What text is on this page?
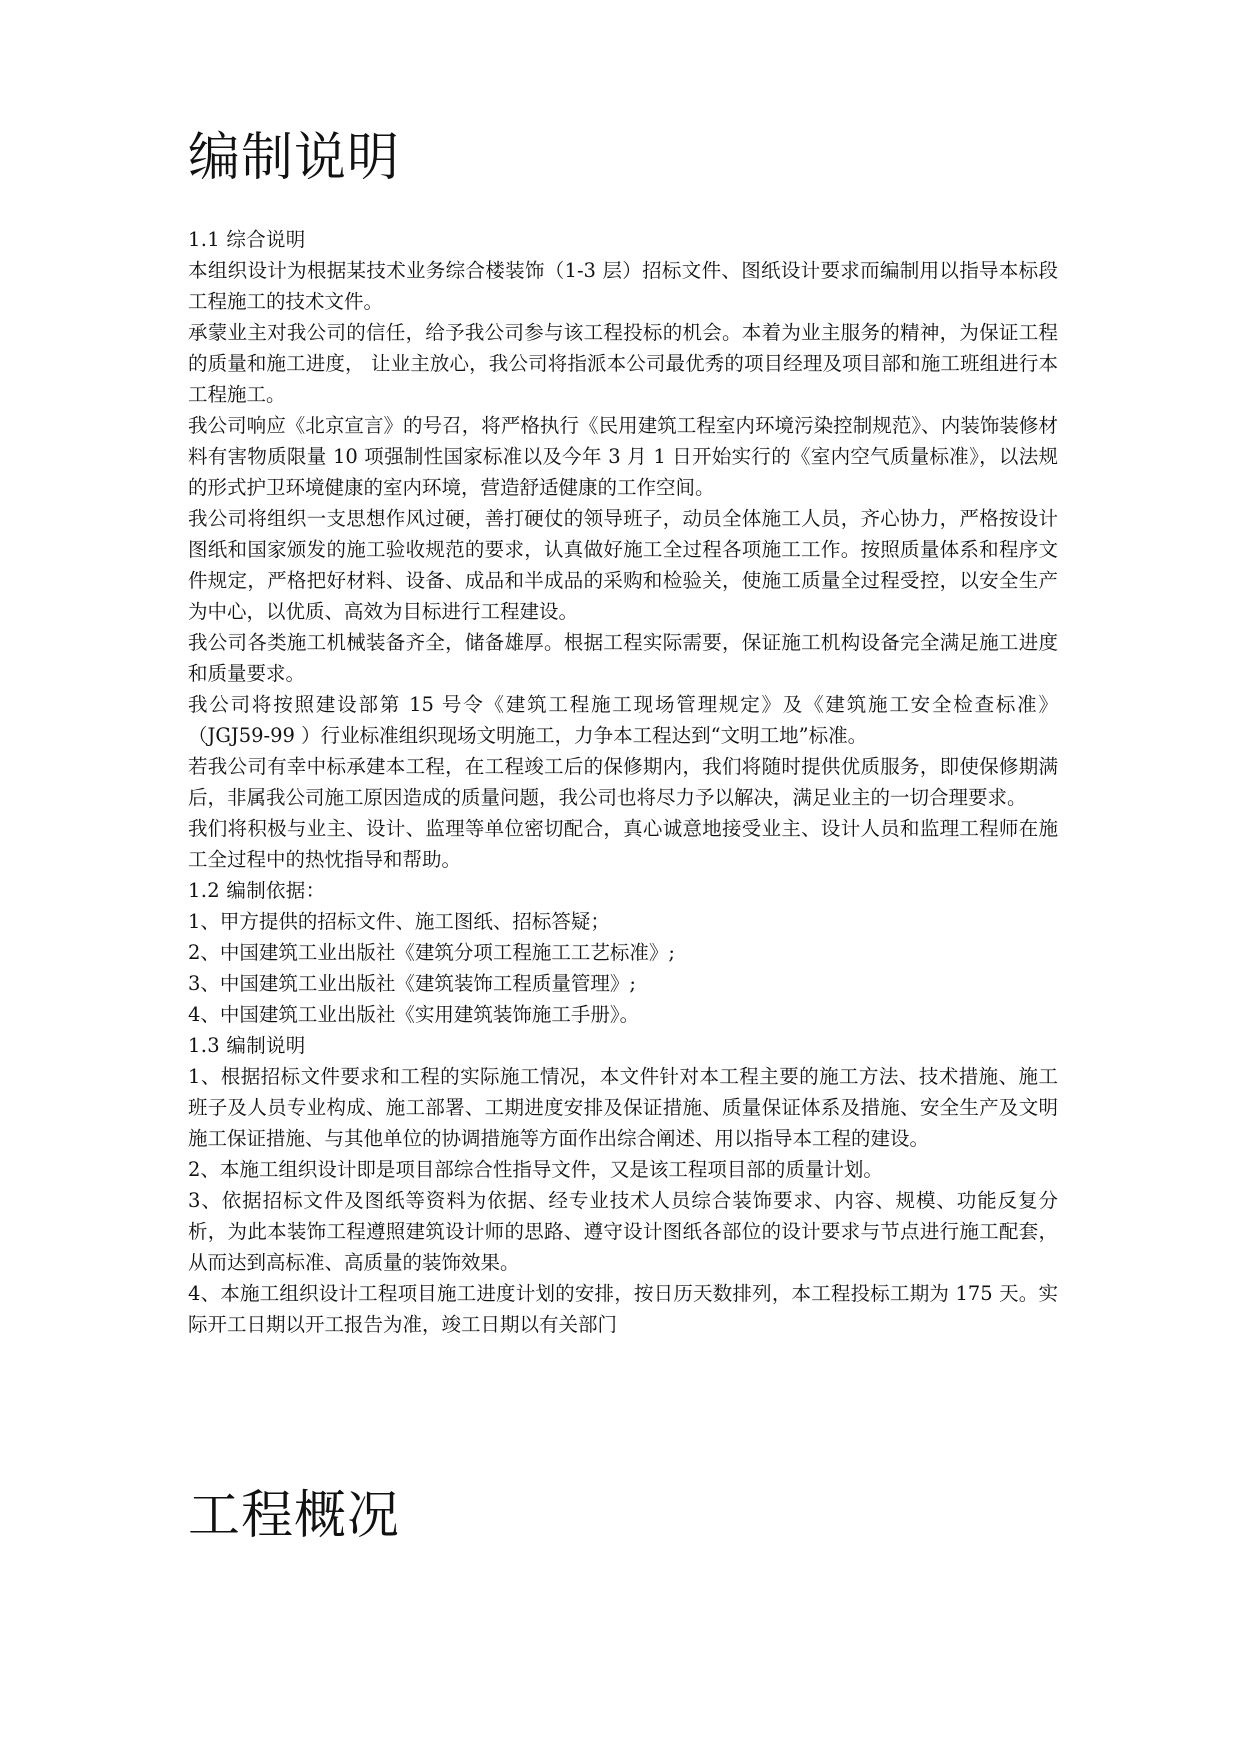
编制说明

1.1 综合说明

本组织设计为根据某技术业务综合楼装饰（1-3 层）招标文件、图纸设计要求而编制用以指导本标段工程施工的技术文件。

承蒙业主对我公司的信任，给予我公司参与该工程投标的机会。本着为业主服务的精神，为保证工程的质量和施工进度， 让业主放心，我公司将指派本公司最优秀的项目经理及项目部和施工班组进行本工程施工。

我公司响应《北京宣言》的号召，将严格执行《民用建筑工程室内环境污染控制规范》、内装饰装修材料有害物质限量 10 项强制性国家标准以及今年 3 月 1 日开始实行的《室内空气质量标准》，以法规的形式护卫环境健康的室内环境，营造舒适健康的工作空间。

我公司将组织一支思想作风过硬，善打硬仗的领导班子，动员全体施工人员，齐心协力，严格按设计图纸和国家颁发的施工验收规范的要求，认真做好施工全过程各项施工工作。按照质量体系和程序文件规定，严格把好材料、设备、成品和半成品的采购和检验关，使施工质量全过程受控，以安全生产为中心，以优质、高效为目标进行工程建设。

我公司各类施工机械装备齐全，储备雄厚。根据工程实际需要，保证施工机构设备完全满足施工进度和质量要求。

我公司将按照建设部第 15 号令《建筑工程施工现场管理规定》及《建筑施工安全检查标准》（JGJ59-99 ）行业标准组织现场文明施工，力争本工程达到“文明工地”标准。

若我公司有幸中标承建本工程，在工程竣工后的保修期内，我们将随时提供优质服务，即使保修期满后，非属我公司施工原因造成的质量问题，我公司也将尽力予以解决，满足业主的一切合理要求。

我们将积极与业主、设计、监理等单位密切配合，真心诚意地接受业主、设计人员和监理工程师在施工全过程中的热忱指导和帮助。

1.2 编制依据：

1、甲方提供的招标文件、施工图纸、招标答疑；

2、中国建筑工业出版社《建筑分项工程施工工艺标准》;

3、中国建筑工业出版社《建筑装饰工程质量管理》;

4、中国建筑工业出版社《实用建筑装饰施工手册》。

1.3 编制说明

1、根据招标文件要求和工程的实际施工情况，本文件针对本工程主要的施工方法、技术措施、施工班子及人员专业构成、施工部署、工期进度安排及保证措施、质量保证体系及措施、安全生产及文明施工保证措施、与其他单位的协调措施等方面作出综合阐述、用以指导本工程的建设。

2、本施工组织设计即是项目部综合性指导文件，又是该工程项目部的质量计划。

3、依据招标文件及图纸等资料为依据、经专业技术人员综合装饰要求、内容、规模、功能反复分析，为此本装饰工程遵照建筑设计师的思路、遵守设计图纸各部位的设计要求与节点进行施工配套，从而达到高标准、高质量的装饰效果。

4、本施工组织设计工程项目施工进度计划的安排，按日历天数排列，本工程投标工期为 175 天。实际开工日期以开工报告为准，竣工日期以有关部门

工程概况
